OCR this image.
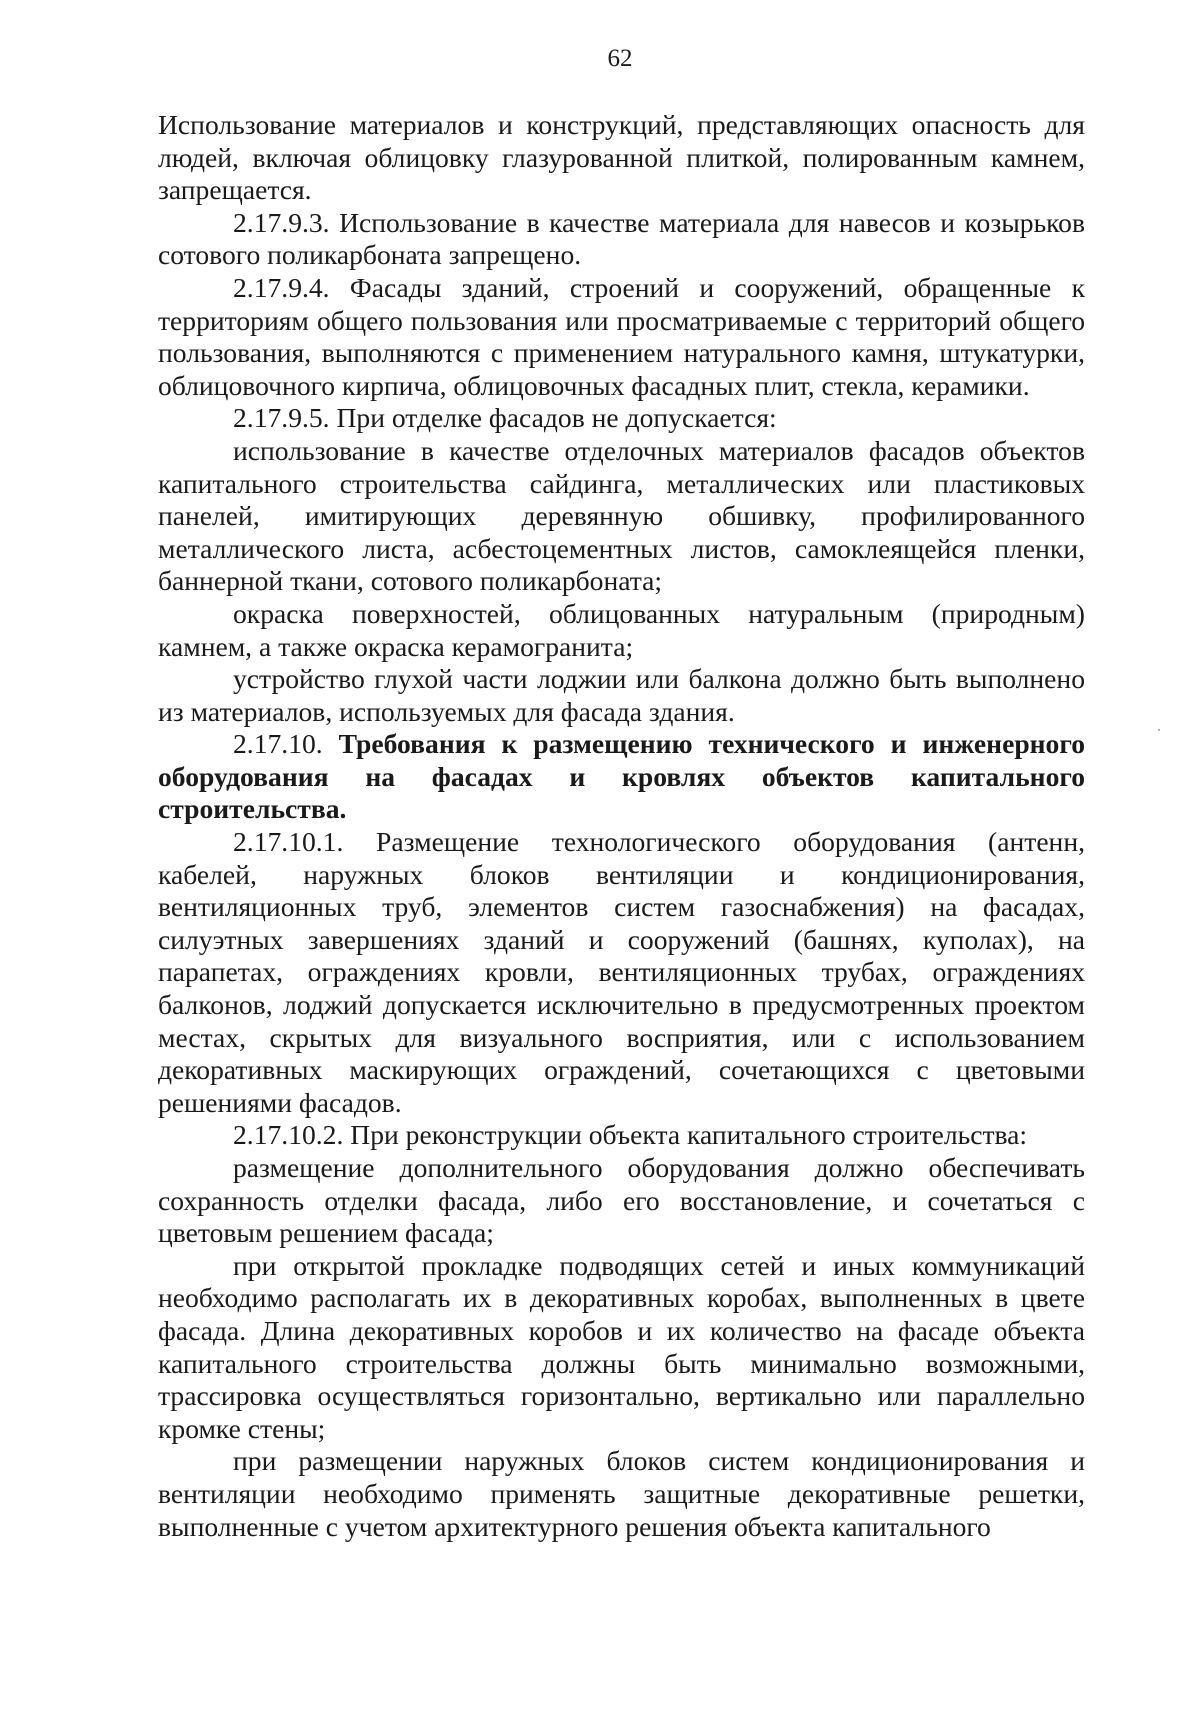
62

Использование материалов и конструкций, представляющих опасность для людей, включая облицовку глазурованной плиткой, полированным камнем, запрещается.

2.17.9.3. Использование в качестве материала для навесов и козырьков сотового поликарбоната запрещено.

2.17.9.4. Фасады зданий, строений и сооружений, обращенные к территориям общего пользования или просматриваемые с территорий общего пользования, выполняются с применением натурального камня, штукатурки, облицовочного кирпича, облицовочных фасадных плит, стекла, керамики.

2.17.9.5. При отделке фасадов не допускается:

использование в качестве отделочных материалов фасадов объектов капитального строительства сайдинга, металлических или пластиковых панелей, имитирующих деревянную обшивку, профилированного металлического листа, асбестоцементных листов, самоклеящейся пленки, баннерной ткани, сотового поликарбоната;

окраска поверхностей, облицованных натуральным (природным) камнем, а также окраска керамогранита;

устройство глухой части лоджии или балкона должно быть выполнено из материалов, используемых для фасада здания.

2.17.10. Требования к размещению технического и инженерного оборудования на фасадах и кровлях объектов капитального строительства.

2.17.10.1. Размещение технологического оборудования (антенн, кабелей, наружных блоков вентиляции и кондиционирования, вентиляционных труб, элементов систем газоснабжения) на фасадах, силуэтных завершениях зданий и сооружений (башнях, куполах), на парапетах, ограждениях кровли, вентиляционных трубах, ограждениях балконов, лоджий допускается исключительно в предусмотренных проектом местах, скрытых для визуального восприятия, или с использованием декоративных маскирующих ограждений, сочетающихся с цветовыми решениями фасадов.

2.17.10.2. При реконструкции объекта капитального строительства:

размещение дополнительного оборудования должно обеспечивать сохранность отделки фасада, либо его восстановление, и сочетаться с цветовым решением фасада;

при открытой прокладке подводящих сетей и иных коммуникаций необходимо располагать их в декоративных коробах, выполненных в цвете фасада. Длина декоративных коробов и их количество на фасаде объекта капитального строительства должны быть минимально возможными, трассировка осуществляться горизонтально, вертикально или параллельно кромке стены;

при размещении наружных блоков систем кондиционирования и вентиляции необходимо применять защитные декоративные решетки, выполненные с учетом архитектурного решения объекта капитального
